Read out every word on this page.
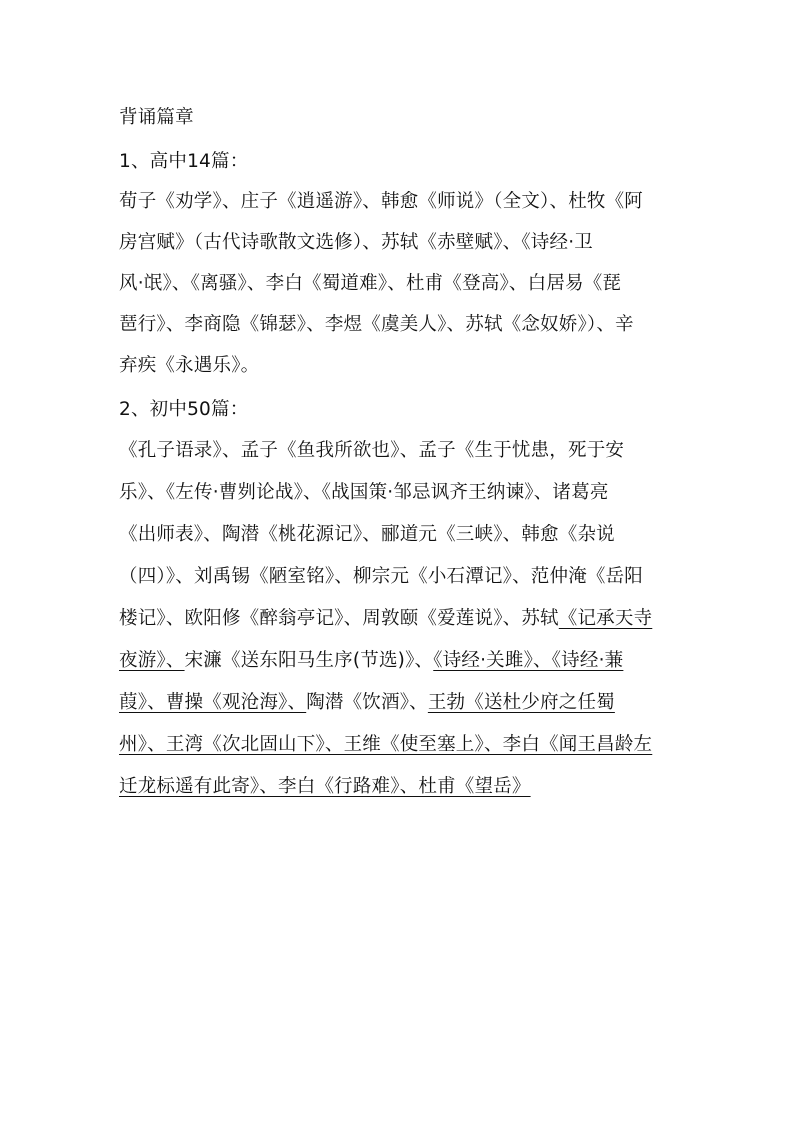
背诵篇章
1、高中14篇：
荀子《劝学》、庄子《逍遥游》、韩愈《师说》（全文）、杜牧《阿
房宫赋》（古代诗歌散文选修）、苏轼《赤壁赋》、《诗经·卫
风·氓》、《离骚》、李白《蜀道难》、杜甫《登高》、白居易《琵
琶行》、李商隐《锦瑟》、李煜《虞美人》、苏轼《念奴娇》）、辛
弃疾《永遇乐》。
2、初中50篇：
《孔子语录》、孟子《鱼我所欲也》、孟子《生于忧患，死于安
乐》、《左传·曹刿论战》、《战国策·邹忌讽齐王纳谏》、诸葛亮
《出师表》、陶潜《桃花源记》、郦道元《三峡》、韩愈《杂说
（四）》、刘禹锡《陋室铭》、柳宗元《小石潭记》、范仲淹《岳阳
楼记》、欧阳修《醉翁亭记》、周敦颐《爱莲说》、苏轼《记承天寺
夜游》、宋濂《送东阳马生序(节选)》、《诗经·关雎》、《诗经·蒹
葭》、曹操《观沧海》、陶潜《饮酒》、王勃《送杜少府之任蜀
州》、王湾《次北固山下》、王维《使至塞上》、李白《闻王昌龄左
迁龙标遥有此寄》、李白《行路难》、杜甫《望岳》
